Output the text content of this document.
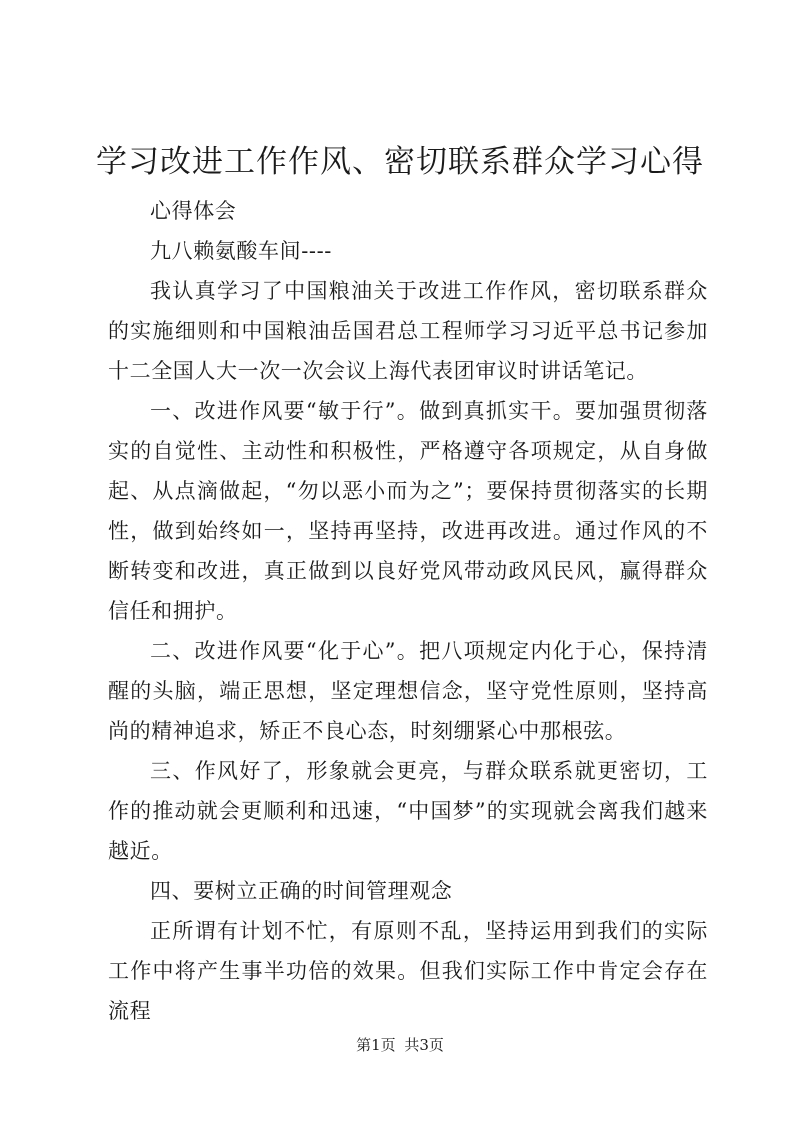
学习改进工作作风、密切联系群众学习心得

心得体会

九八赖氨酸车间----

我认真学习了中国粮油关于改进工作作风，密切联系群众的实施细则和中国粮油岳国君总工程师学习习近平总书记参加十二全国人大一次一次会议上海代表团审议时讲话笔记。

一、改进作风要“敏于行”。做到真抓实干。要加强贯彻落实的自觉性、主动性和积极性，严格遵守各项规定，从自身做起、从点滴做起，“勿以恶小而为之”；要保持贯彻落实的长期性，做到始终如一，坚持再坚持，改进再改进。通过作风的不断转变和改进，真正做到以良好党风带动政风民风，赢得群众信任和拥护。

二、改进作风要“化于心”。把八项规定内化于心，保持清醒的头脑，端正思想，坚定理想信念，坚守党性原则，坚持高尚的精神追求，矫正不良心态，时刻绷紧心中那根弦。

三、作风好了，形象就会更亮，与群众联系就更密切，工作的推动就会更顺利和迅速，“中国梦”的实现就会离我们越来越近。

四、要树立正确的时间管理观念

正所谓有计划不忙，有原则不乱，坚持运用到我们的实际工作中将产生事半功倍的效果。但我们实际工作中肯定会存在流程

第1页 共3页
